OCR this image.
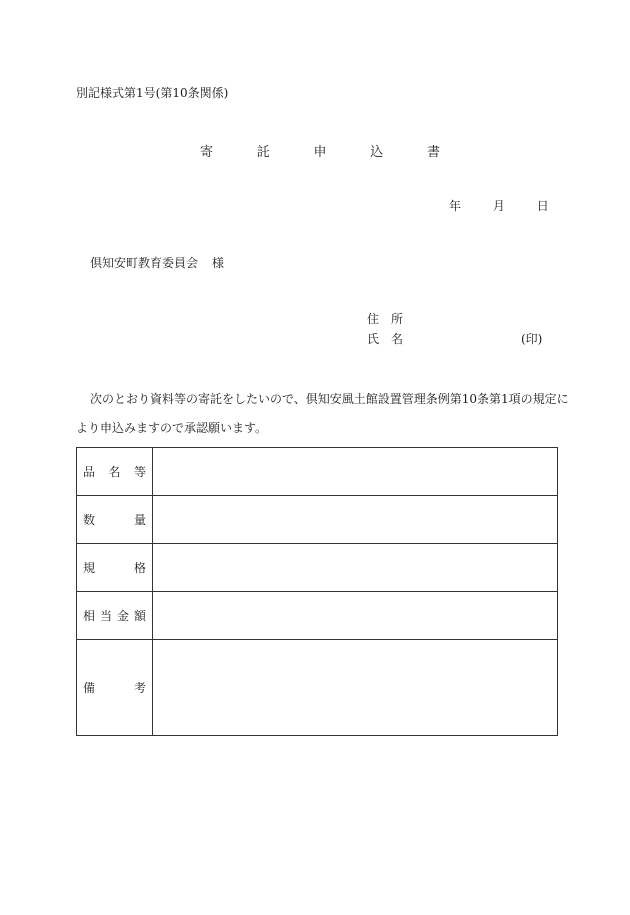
別記様式第1号(第10条関係)
寄	託	申	込	書
年	月	日
倶知安町教育委員会 様
住　所
氏　名	(印)
次のとおり資料等の寄託をしたいので、倶知安風土館設置管理条例第10条第1項の規定に
より申込みますので承認願います。
品 名 等	

数 量	

規 格	

相 当 金 額	

備 考	
